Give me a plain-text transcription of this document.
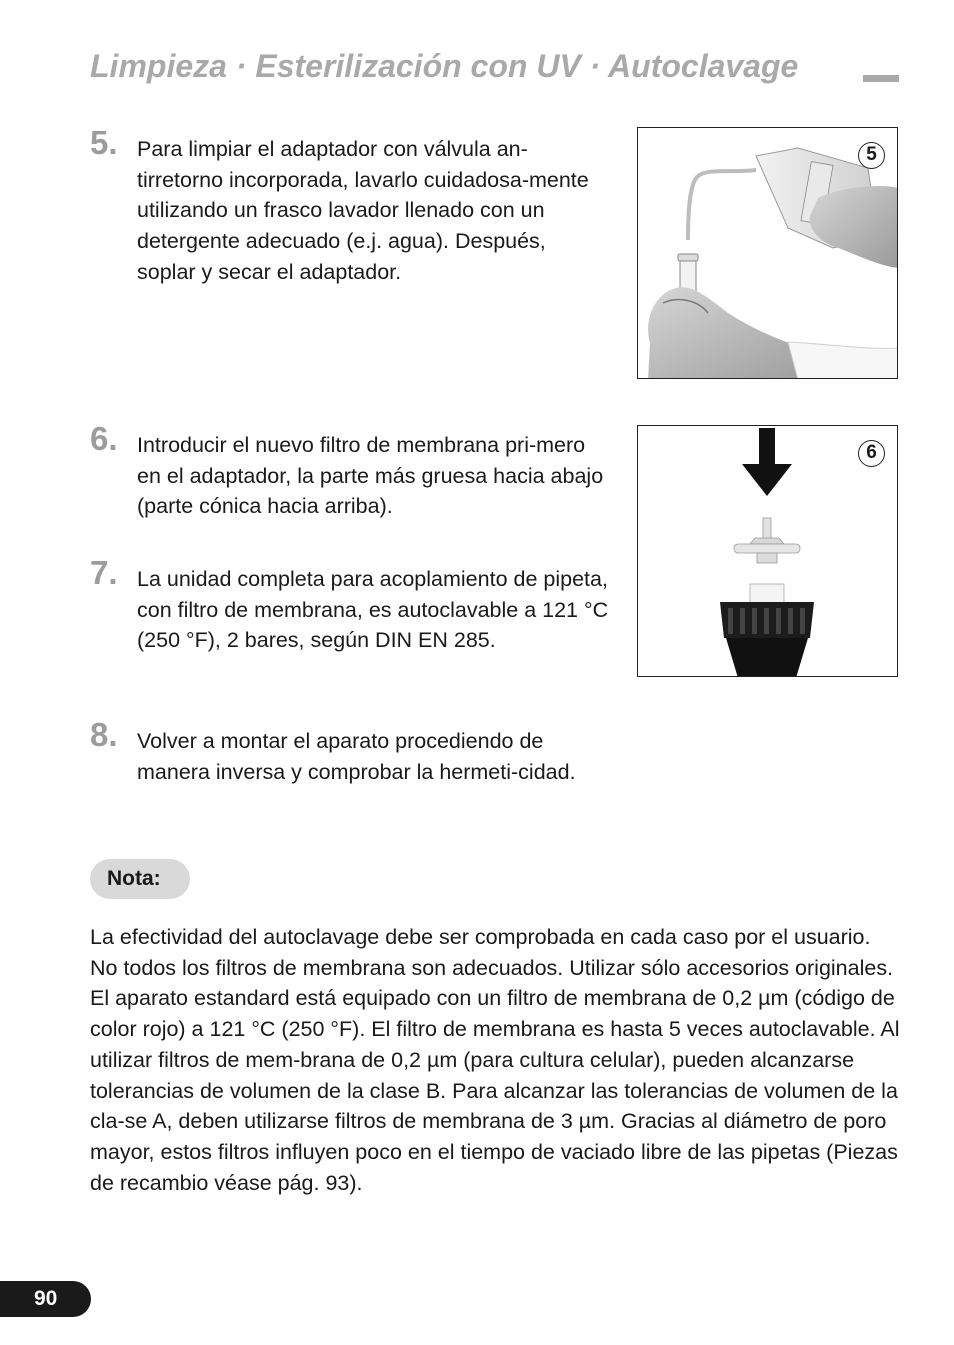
Limpieza · Esterilización con UV · Autoclavage
5. Para limpiar el adaptador con válvula an-tirretorno incorporada, lavarlo cuidadosa-mente utilizando un frasco lavador llenado con un detergente adecuado (e.j. agua). Después, soplar y secar el adaptador.
6. Introducir el nuevo filtro de membrana pri-mero en el adaptador, la parte más gruesa hacia abajo (parte cónica hacia arriba).
7. La unidad completa para acoplamiento de pipeta, con filtro de membrana, es autoclavable a 121 °C (250 °F), 2 bares, según DIN EN 285.
8. Volver a montar el aparato procediendo de manera inversa y comprobar la hermeti-cidad.
5
6
Nota:
La efectividad del autoclavage debe ser comprobada en cada caso por el usuario. No todos los filtros de membrana son adecuados. Utilizar sólo accesorios originales. El aparato estandard está equipado con un filtro de membrana de 0,2 µm (código de color rojo) a 121 °C (250 °F). El filtro de membrana es hasta 5 veces autoclavable. Al utilizar filtros de mem-brana de 0,2 µm (para cultura celular), pueden alcanzarse tolerancias de volumen de la clase B. Para alcanzar las tolerancias de volumen de la cla-se A, deben utilizarse filtros de membrana de 3 µm. Gracias al diámetro de poro mayor, estos filtros influyen poco en el tiempo de vaciado libre de las pipetas (Piezas de recambio véase pág. 93).
90
